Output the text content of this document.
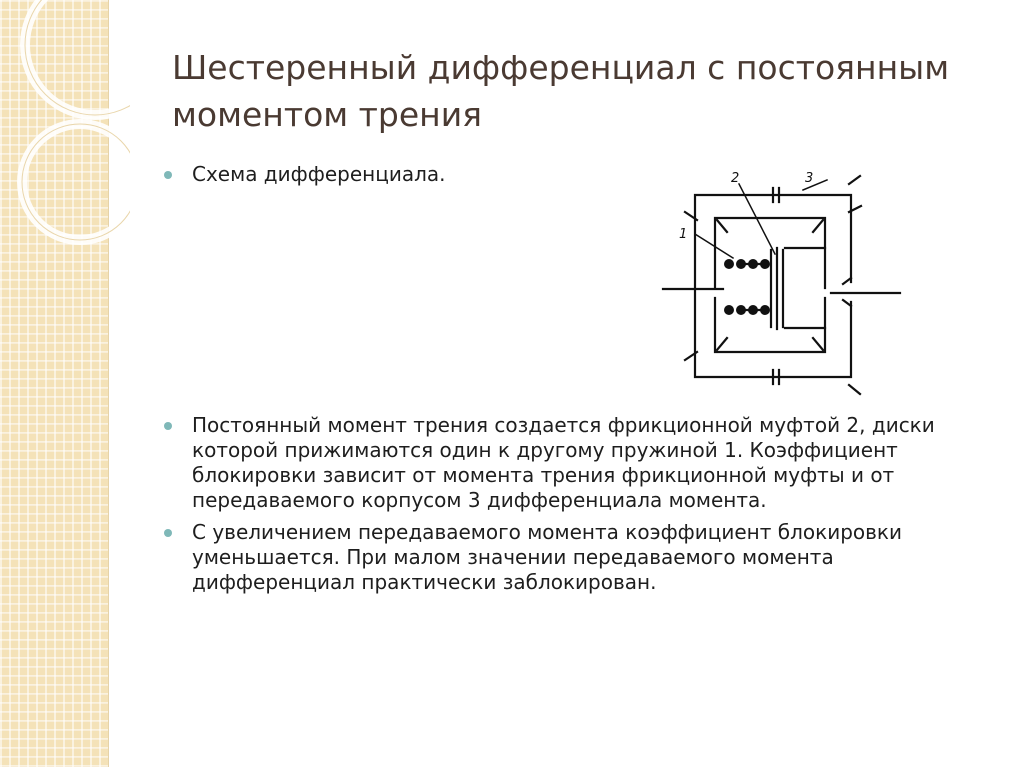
Шестеренный дифференциал с постоянным моментом трения
Схема дифференциала.
1
2	3
Постоянный момент трения создается фрикционной муфтой 2, диски которой прижимаются один к другому пружиной 1. Коэффициент блокировки зависит от момента трения фрикционной муфты и от передаваемого корпусом 3 дифференциала момента.
С увеличением передаваемого момента коэффициент блокировки уменьшается. При малом значении передаваемого момента дифференциал практически заблокирован.
